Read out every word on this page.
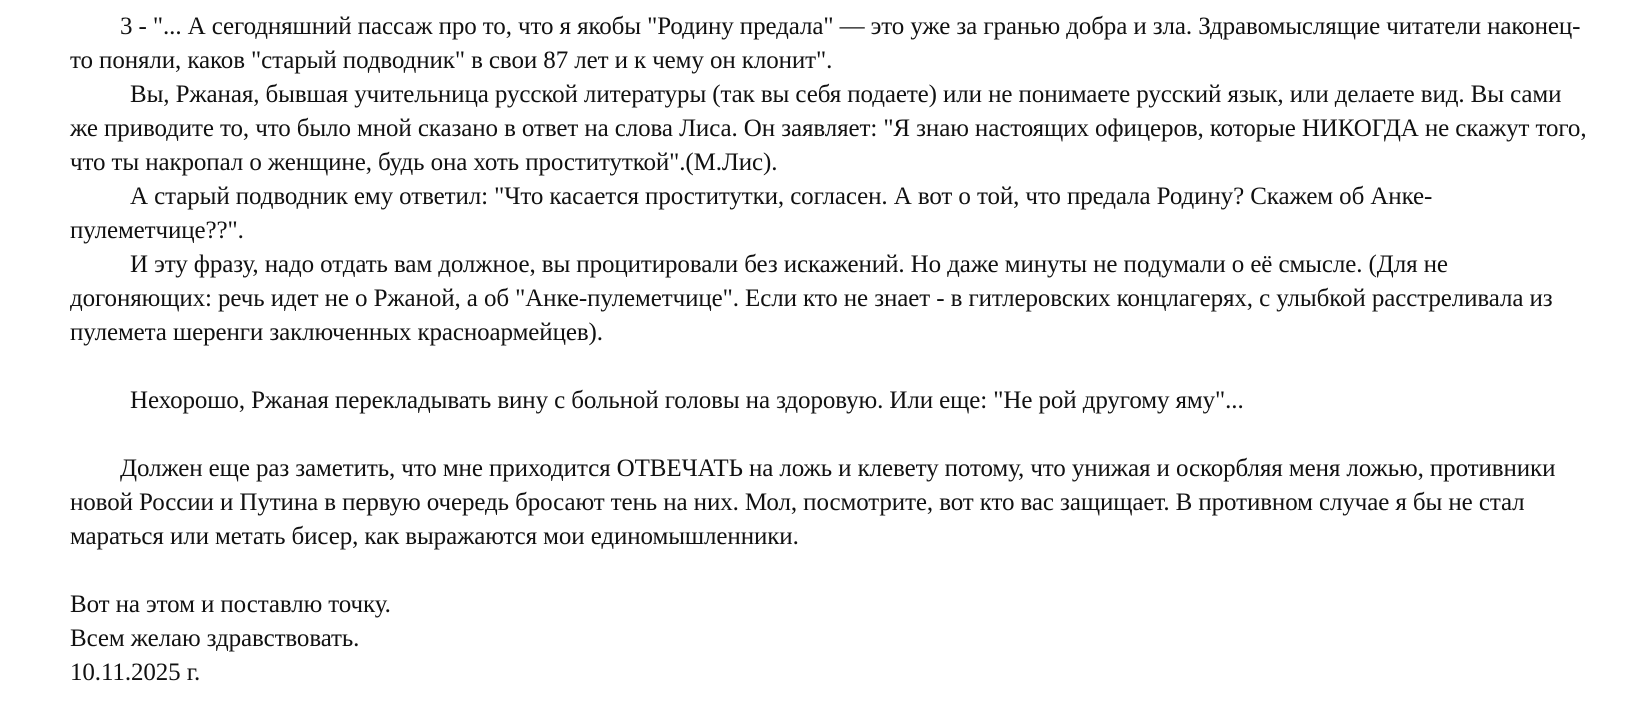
3 - "... А сегодняшний пассаж про то, что я якобы "Родину предала" — это уже за гранью добра и зла. Здравомыслящие читатели наконец-то поняли, каков "старый подводник" в свои 87 лет и к чему он клонит".

Вы, Ржаная, бывшая учительница русской литературы (так вы себя подаете) или не понимаете русский язык, или делаете вид. Вы сами же приводите то, что было мной сказано в ответ на слова Лиса. Он заявляет: "Я знаю настоящих офицеров, которые НИКОГДА не скажут того, что ты накропал о женщине, будь она хоть проституткой".(М.Лис).

А старый подводник ему ответил: "Что касается проститутки, согласен. А вот о той, что предала Родину? Скажем об Анке-пулеметчице??".

И эту фразу, надо отдать вам должное, вы процитировали без искажений. Но даже минуты не подумали о её смысле. (Для не догоняющих: речь идет не о Ржаной, а об "Анке-пулеметчице". Если кто не знает - в гитлеровских концлагерях, с улыбкой расстреливала из пулемета шеренги заключенных красноармейцев).

Нехорошо, Ржаная перекладывать вину с больной головы на здоровую. Или еще: "Не рой другому яму"...

Должен еще раз заметить, что мне приходится ОТВЕЧАТЬ на ложь и клевету потому, что унижая и оскорбляя меня ложью, противники новой России и Путина в первую очередь бросают тень на них. Мол, посмотрите, вот кто вас защищает. В противном случае я бы не стал мараться или метать бисер, как выражаются мои единомышленники.

Вот на этом и поставлю точку.

Всем желаю здравствовать.

10.11.2025 г.
